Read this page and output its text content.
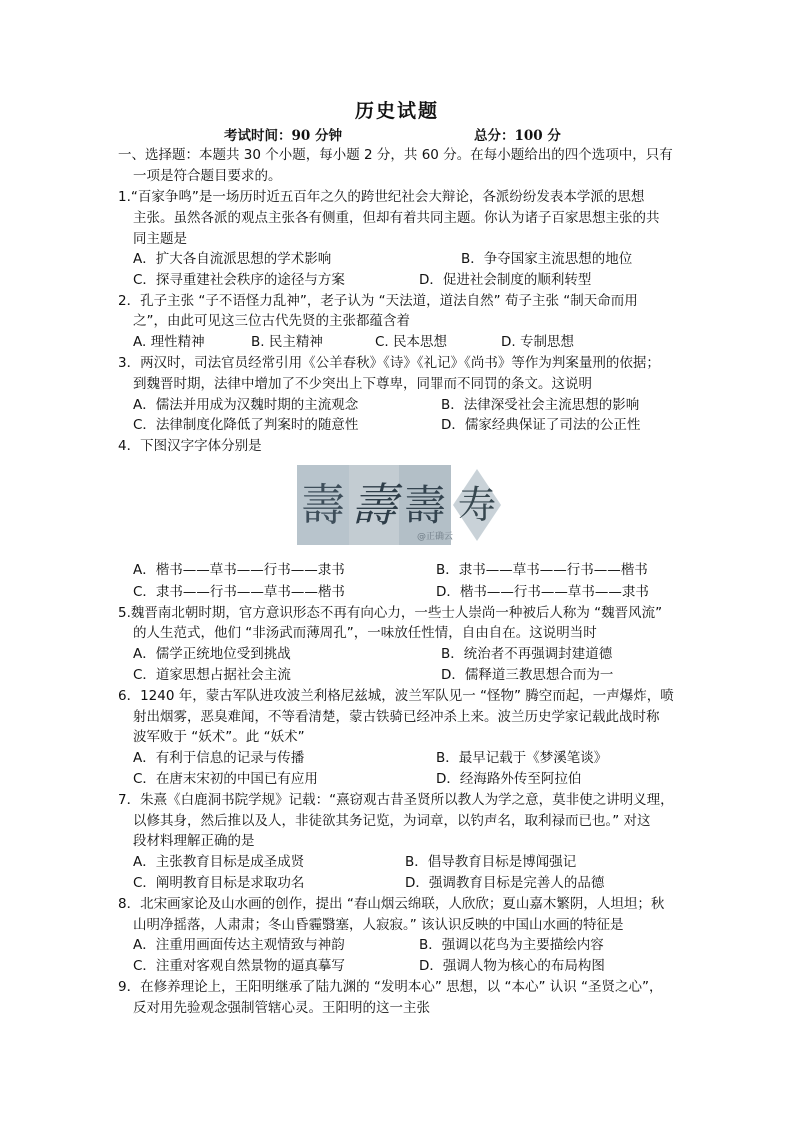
历史试题
考试时间：90 分钟	总分：100 分
一、选择题：本题共 30 个小题，每小题 2 分，共 60 分。在每小题给出的四个选项中，只有
一项是符合题目要求的。
1.“百家争鸣”是一场历时近五百年之久的跨世纪社会大辩论，各派纷纷发表本学派的思想
主张。虽然各派的观点主张各有侧重，但却有着共同主题。你认为诸子百家思想主张的共
同主题是
A．扩大各自流派思想的学术影响	B．争夺国家主流思想的地位
C．探寻重建社会秩序的途径与方案	D．促进社会制度的顺利转型
2．孔子主张 “子不语怪力乱神”，老子认为 “天法道，道法自然” 荀子主张 “制天命而用
之”，由此可见这三位古代先贤的主张都蕴含着
A. 理性精神	B. 民主精神	C. 民本思想	D. 专制思想
3．两汉时，司法官员经常引用《公羊春秋》《诗》《礼记》《尚书》等作为判案量刑的依据；
到魏晋时期，法律中增加了不少突出上下尊卑，同罪而不同罚的条文。这说明
A．儒法并用成为汉魏时期的主流观念	B．法律深受社会主流思想的影响
C．法律制度化降低了判案时的随意性	D．儒家经典保证了司法的公正性
4．下图汉字字体分别是
壽 壽 壽 寿
@正确云
A．楷书——草书——行书——隶书	B．隶书——草书——行书——楷书
C．隶书——行书——草书——楷书	D．楷书——行书——草书——隶书
5.魏晋南北朝时期，官方意识形态不再有向心力，一些士人崇尚一种被后人称为 “魏晋风流”
的人生范式，他们 “非汤武而薄周孔”，一味放任性情，自由自在。这说明当时
A．儒学正统地位受到挑战	B．统治者不再强调封建道德
C．道家思想占据社会主流	D．儒释道三教思想合而为一
6．1240 年，蒙古军队进攻波兰利格尼兹城，波兰军队见一 “怪物” 腾空而起，一声爆炸，喷
射出烟雾，恶臭难闻，不等看清楚，蒙古铁骑已经冲杀上来。波兰历史学家记载此战时称
波军败于 “妖术”。此 “妖术”
A．有利于信息的记录与传播	B．最早记载于《梦溪笔谈》
C．在唐末宋初的中国已有应用	D．经海路外传至阿拉伯
7．朱熹《白鹿洞书院学规》记载：“熹窃观古昔圣贤所以教人为学之意，莫非使之讲明义理，
以修其身，然后推以及人，非徒欲其务记览，为词章，以钓声名，取利禄而已也。” 对这
段材料理解正确的是
A．主张教育目标是成圣成贤	B．倡导教育目标是博闻强记
C．阐明教育目标是求取功名	D．强调教育目标是完善人的品德
8．北宋画家论及山水画的创作，提出 “春山烟云绵联，人欣欣；夏山嘉木繁阴，人坦坦；秋
山明净摇落，人肃肃；冬山昏霾翳塞，人寂寂。” 该认识反映的中国山水画的特征是
A．注重用画面传达主观情致与神韵	B．强调以花鸟为主要描绘内容
C．注重对客观自然景物的逼真摹写	D．强调人物为核心的布局构图
9．在修养理论上，王阳明继承了陆九渊的 “发明本心” 思想，以 “本心” 认识 “圣贤之心”，
反对用先验观念强制管辖心灵。王阳明的这一主张
